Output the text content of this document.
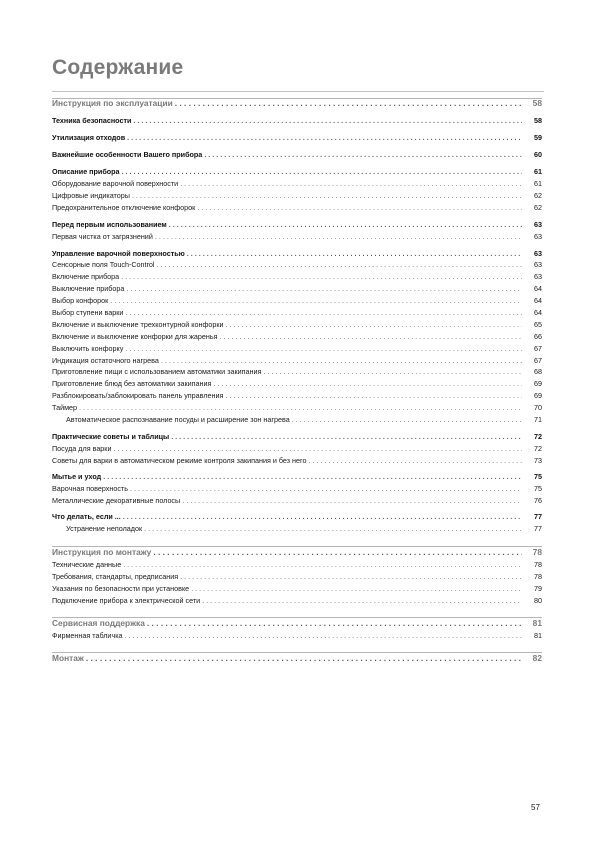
Содержание
Инструкция по эксплуатации . . .	58
Техника безопасности . . .	58
Утилизация отходов . . .	59
Важнейшие особенности Вашего прибора . . .	60
Описание прибора . . .	61
Оборудование варочной поверхности . . .	61
Цифровые индикаторы . . .	62
Предохранительное отключение конфорок . . .	62
Перед первым использованием . . .	63
Первая чистка от загрязнений . . .	63
Управление варочной поверхностью . . .	63
Сенсорные поля Touch-Control . . .	63
Включение прибора . . .	63
Выключение прибора . . .	64
Выбор конфорок . . .	64
Выбор ступени варки . . .	64
Включение и выключение трехконтурной конфорки . . .	65
Включение и выключение конфорки для жаренья . . .	66
Выключить конфорку . . .	67
Индикация остаточного нагрева . . .	67
Приготовление пищи с использованием автоматики закипания . . .	68
Приготовление блюд без автоматики закипания . . .	69
Разблокировать/заблокировать панель управления . . .	69
Таймер . . .	70
Автоматическое распознавание посуды и расширение зон нагрева . . .	71
Практические советы и таблицы . . .	72
Посуда для варки . . .	72
Советы для варки в автоматическом режиме контроля закипания и без него . . .	73
Мытье и уход . . .	75
Варочная поверхность . . .	75
Металлические декоративные полосы . . .	76
Что делать, если ... . . .	77
Устранение неполадок . . .	77
Инструкция по монтажу . . .	78
Технические данные . . .	78
Требования, стандарты, предписания . . .	78
Указания по безопасности при установке . . .	79
Подключение прибора к электрической сети . . .	80
Сервисная поддержка . . .	81
Фирменная табличка . . .	81
Монтаж . . .	82
57
